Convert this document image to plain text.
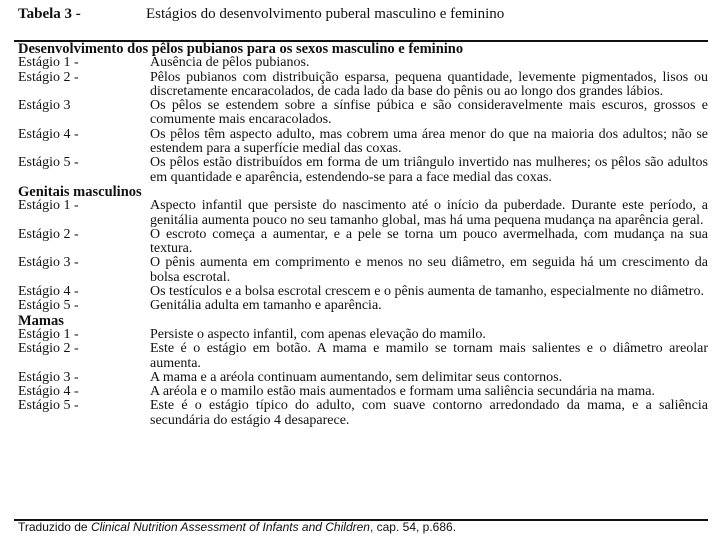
Tabela 3 -	Estágios do desenvolvimento puberal masculino e feminino

Desenvolvimento dos pêlos pubianos para os sexos masculino e feminino

Estágio 1 -	Ausência de pêlos pubianos.
Estágio 2 -	Pêlos pubianos com distribuição esparsa, pequena quantidade, levemente pigmentados, lisos ou discretamente encaracolados, de cada lado da base do pênis ou ao longo dos grandes lábios.
Estágio 3	Os pêlos se estendem sobre a sínfise púbica e são consideravelmente mais escuros, grossos e comumente mais encaracolados.
Estágio 4 -	Os pêlos têm aspecto adulto, mas cobrem uma área menor do que na maioria dos adultos; não se estendem para a superfície medial das coxas.
Estágio 5 -	Os pêlos estão distribuídos em forma de um triângulo invertido nas mulheres; os pêlos são adultos em quantidade e aparência, estendendo-se para a face medial das coxas.

Genitais masculinos

Estágio 1 -	Aspecto infantil que persiste do nascimento até o início da puberdade. Durante este período, a genitália aumenta pouco no seu tamanho global, mas há uma pequena mudança na aparência geral.
Estágio 2 -	O escroto começa a aumentar, e a pele se torna um pouco avermelhada, com mudança na sua textura.
Estágio 3 -	O pênis aumenta em comprimento e menos no seu diâmetro, em seguida há um crescimento da bolsa escrotal.
Estágio 4 -	Os testículos e a bolsa escrotal crescem e o pênis aumenta de tamanho, especialmente no diâmetro.
Estágio 5 -	Genitália adulta em tamanho e aparência.

Mamas

Estágio 1 -	Persiste o aspecto infantil, com apenas elevação do mamilo.
Estágio 2 -	Este é o estágio em botão. A mama e mamilo se tornam mais salientes e o diâmetro areolar aumenta.
Estágio 3 -	A mama e a aréola continuam aumentando, sem delimitar seus contornos.
Estágio 4 -	A aréola e o mamilo estão mais aumentados e formam uma saliência secundária na mama.
Estágio 5 -	Este é o estágio típico do adulto, com suave contorno arredondado da mama, e a saliência secundária do estágio 4 desaparece.
Traduzido de Clinical Nutrition Assessment of Infants and Children, cap. 54, p.686.
